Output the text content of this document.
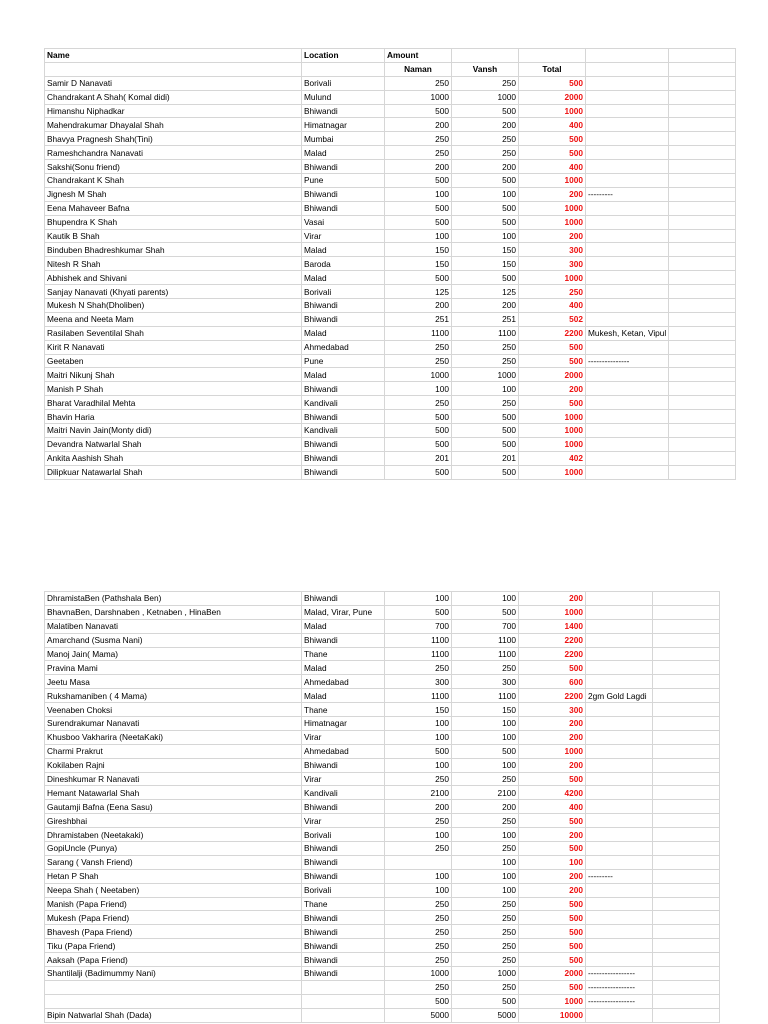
Name	Location	Amount				
		Naman	Vansh	Total		
Samir D Nanavati	Borivali	250	250	500		
Chandrakant A Shah( Komal didi)	Mulund	1000	1000	2000		
Himanshu Niphadkar	Bhiwandi	500	500	1000		
Mahendrakumar Dhayalal Shah	Himatnagar	200	200	400		
Bhavya Pragnesh Shah(Tini)	Mumbai	250	250	500		
Rameshchandra Nanavati	Malad	250	250	500		
Sakshi(Sonu friend)	Bhiwandi	200	200	400		
Chandrakant K Shah	Pune	500	500	1000		
Jignesh M Shah	Bhiwandi	100	100	200	---------	
Eena Mahaveer Bafna	Bhiwandi	500	500	1000		
Bhupendra K Shah	Vasai	500	500	1000		
Kautik B Shah	Virar	100	100	200		
Binduben Bhadreshkumar Shah	Malad	150	150	300		
Nitesh R Shah	Baroda	150	150	300		
Abhishek and Shivani	Malad	500	500	1000		
Sanjay Nanavati (Khyati parents)	Borivali	125	125	250		
Mukesh N Shah(Dholiben)	Bhiwandi	200	200	400		
Meena and Neeta Mam	Bhiwandi	251	251	502		
Rasilaben Seventilal Shah	Malad	1100	1100	2200	Mukesh, Ketan, Vipul	
Kirit R Nanavati	Ahmedabad	250	250	500		
Geetaben	Pune	250	250	500	---------------	
Maitri Nikunj Shah	Malad	1000	1000	2000		
Manish P Shah	Bhiwandi	100	100	200		
Bharat Varadhilal Mehta	Kandivali	250	250	500		
Bhavin Haria	Bhiwandi	500	500	1000		
Maitri Navin Jain(Monty didi)	Kandivali	500	500	1000		
Devandra Natwarlal Shah	Bhiwandi	500	500	1000		
Ankita Aashish Shah	Bhiwandi	201	201	402		
Dilipkuar Natawarlal Shah	Bhiwandi	500	500	1000		
DhramistaBen (Pathshala Ben)	Bhiwandi	100	100	200		
BhavnaBen, Darshnaben , Ketnaben , HinaBen	Malad, Virar, Pune	500	500	1000		
Malatiben Nanavati	Malad	700	700	1400		
Amarchand (Susma Nani)	Bhiwandi	1100	1100	2200		
Manoj Jain( Mama)	Thane	1100	1100	2200		
Pravina Mami	Malad	250	250	500		
Jeetu Masa	Ahmedabad	300	300	600		
Rukshamaniben ( 4 Mama)	Malad	1100	1100	2200	2gm Gold Lagdi	
Veenaben Choksi	Thane	150	150	300		
Surendrakumar Nanavati	Himatnagar	100	100	200		
Khusboo Vakharira (NeetaKaki)	Virar	100	100	200		
Charmi Prakrut	Ahmedabad	500	500	1000		
Kokilaben Rajni	Bhiwandi	100	100	200		
Dineshkumar R Nanavati	Virar	250	250	500		
Hemant Natawarlal Shah	Kandivali	2100	2100	4200		
Gautamji Bafna (Eena Sasu)	Bhiwandi	200	200	400		
Gireshbhai	Virar	250	250	500		
Dhramistaben (Neetakaki)	Borivali	100	100	200		
GopiUncle (Punya)	Bhiwandi	250	250	500		
Sarang ( Vansh Friend)	Bhiwandi		100	100		
Hetan P Shah	Bhiwandi	100	100	200	---------	
Neepa Shah ( Neetaben)	Borivali	100	100	200		
Manish (Papa Friend)	Thane	250	250	500		
Mukesh (Papa Friend)	Bhiwandi	250	250	500		
Bhavesh (Papa Friend)	Bhiwandi	250	250	500		
Tiku (Papa Friend)	Bhiwandi	250	250	500		
Aaksah (Papa Friend)	Bhiwandi	250	250	500		
Shantilalji (Badimummy Nani)	Bhiwandi	1000	1000	2000	-----------------	
		250	250	500	-----------------	
		500	500	1000	-----------------	
Bipin Natwarlal Shah (Dada)		5000	5000	10000		
